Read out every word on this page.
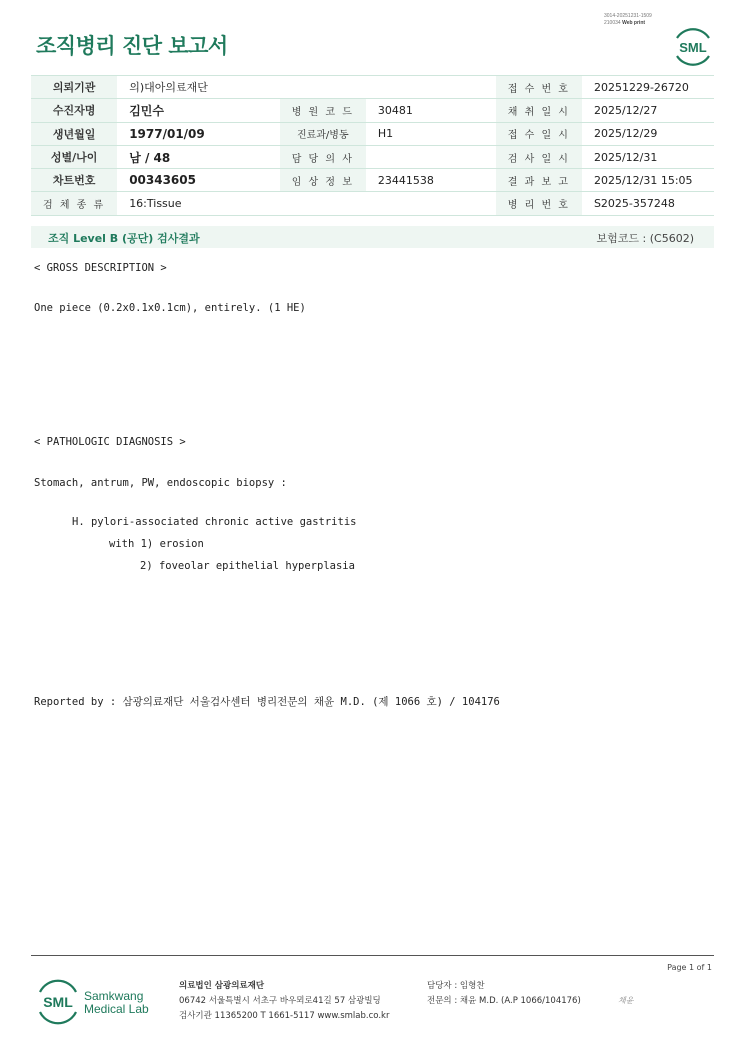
3014-20251231-1509
210034 Web print
조직병리 진단 보고서	SML
의뢰기관	의)대아의료재단			접 수 번 호	20251229-26720
수진자명	김민수	병 원 코 드	30481	채 취 일 시	2025/12/27
생년월일	1977/01/09	진료과/병동	H1	접 수 일 시	2025/12/29
성별/나이	남 / 48	담 당 의 사		검 사 일 시	2025/12/31
차트번호	00343605	임 상 정 보	23441538	결 과 보 고	2025/12/31 15:05
검 체 종 류	16:Tissue			병 리 번 호	S2025-357248
조직 Level B (공단) 검사결과	보험코드 : (C5602)
< GROSS DESCRIPTION >
One piece (0.2x0.1x0.1cm), entirely. (1 HE)
< PATHOLOGIC DIAGNOSIS >
Stomach, antrum, PW, endoscopic biopsy :
H. pylori-associated chronic active gastritis
with 1) erosion
2) foveolar epithelial hyperplasia
Reported by : 삼광의료재단 서울검사센터 병리전문의 채윤 M.D. (제 1066 호) / 104176
Page 1 of 1
SML Samkwang
Medical Lab
의료법인 삼광의료재단
06742 서울특별시 서초구 바우뫼로41길 57 삼광빌딩
검사기관 11365200 T 1661-5117 www.smlab.co.kr
담당자 : 임형찬
전문의 : 채윤 M.D. (A.P 1066/104176)	채윤
